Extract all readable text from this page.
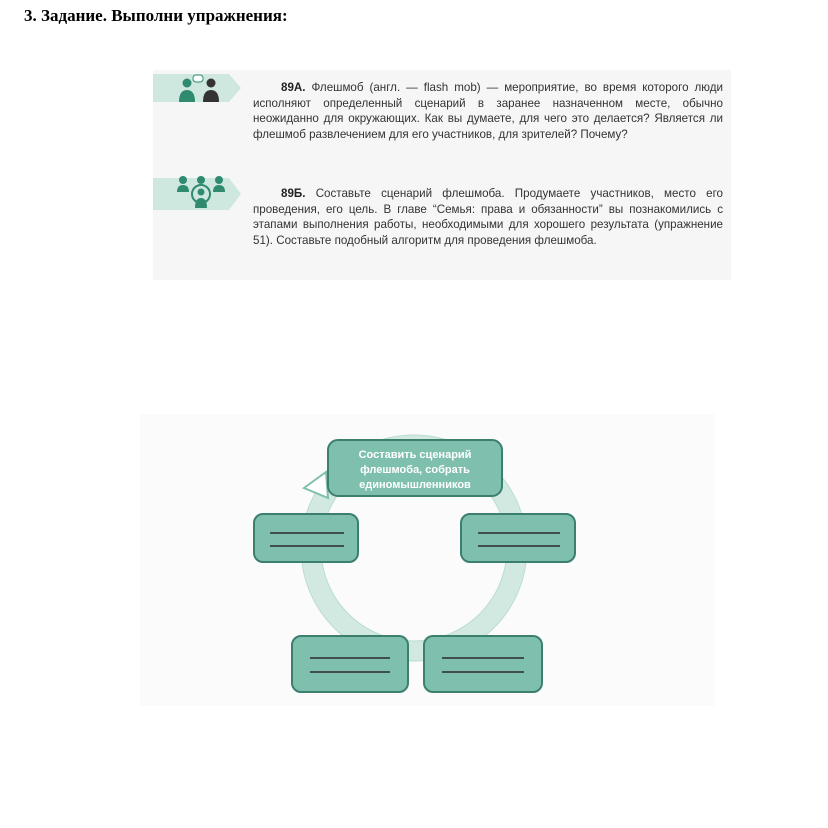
3. Задание. Выполни упражнения:

89А. Флешмоб (англ. — flash mob) — мероприятие, во время которого люди исполняют определенный сценарий в заранее назначенном месте, обычно неожиданно для окружающих. Как вы думаете, для чего это делается? Является ли флешмоб развлечением для его участников, для зрителей? Почему?

89Б. Составьте сценарий флешмоба. Продумаете участников, место его проведения, его цель. В главе “Семья: права и обязанности” вы познакомились с этапами выполнения работы, необходимыми для хорошего результата (упражнение 51). Составьте подобный алгоритм для проведения флешмоба.

Составить сценарий
флешмоба, собрать
единомышленников
